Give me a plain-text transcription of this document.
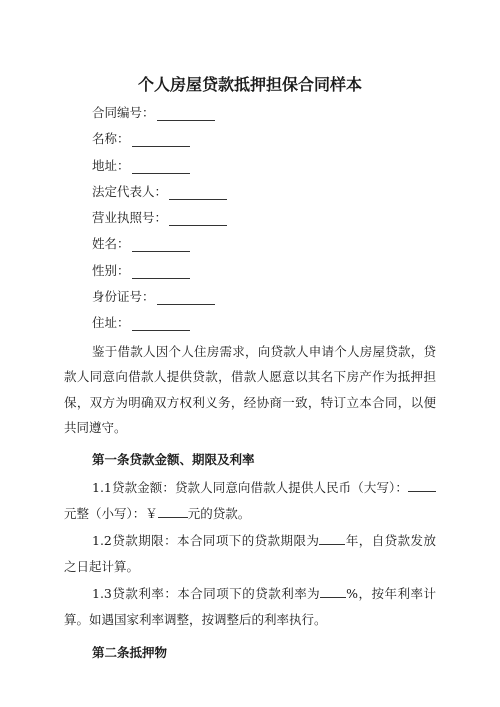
个人房屋贷款抵押担保合同样本
合同编号：
名称：
地址：
法定代表人：
营业执照号：
姓名：
性别：
身份证号：
住址：

鉴于借款人因个人住房需求，向贷款人申请个人房屋贷款，贷款人同意向借款人提供贷款，借款人愿意以其名下房产作为抵押担保，双方为明确双方权利义务，经协商一致，特订立本合同，以便共同遵守。

第一条贷款金额、期限及利率

1.1贷款金额：贷款人同意向借款人提供人民币（大写）：元整（小写）：￥ 元的贷款。

1.2贷款期限：本合同项下的贷款期限为 年，自贷款发放之日起计算。

1.3贷款利率：本合同项下的贷款利率为 %，按年利率计算。如遇国家利率调整，按调整后的利率执行。

第二条抵押物
